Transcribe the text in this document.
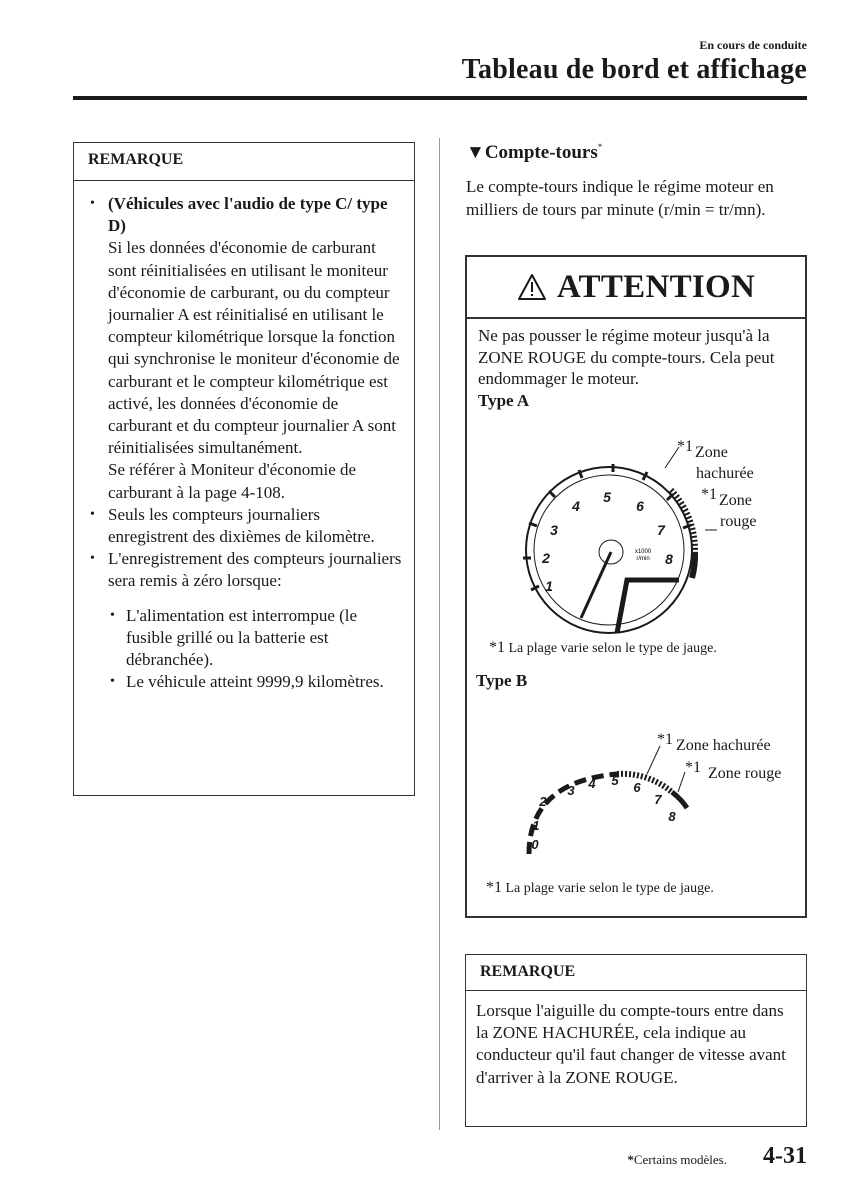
En cours de conduite
Tableau de bord et affichage
REMARQUE
• (Véhicules avec l'audio de type C/ type D)
Si les données d'économie de carburant sont réinitialisées en utilisant le moniteur d'économie de carburant, ou du compteur journalier A est réinitialisé en utilisant le compteur kilométrique lorsque la fonction qui synchronise le moniteur d'économie de carburant et le compteur kilométrique est activé, les données d'économie de carburant et du compteur journalier A sont réinitialisées simultanément.
Se référer à Moniteur d'économie de carburant à la page 4-108.
• Seuls les compteurs journaliers enregistrent des dixièmes de kilomètre.
• L'enregistrement des compteurs journaliers sera remis à zéro lorsque:
• L'alimentation est interrompue (le fusible grillé ou la batterie est débranchée).
• Le véhicule atteint 9999,9 kilomètres.
▼Compte-tours*
Le compte-tours indique le régime moteur en milliers de tours par minute (r/min = tr/mn).
ATTENTION
Ne pas pousser le régime moteur jusqu'à la ZONE ROUGE du compte-tours. Cela peut endommager le moteur.
Type A
1
2
3
4
5
6
7
8
x1000
r/min
*1 Zone
hachurée
*1 Zone
rouge
*1 La plage varie selon le type de jauge.
Type B
0
1
2
3 4 5 6
7
8
*1 Zone hachurée
*1 Zone rouge
*1 La plage varie selon le type de jauge.
REMARQUE
Lorsque l'aiguille du compte-tours entre dans la ZONE HACHURÉE, cela indique au conducteur qu'il faut changer de vitesse avant d'arriver à la ZONE ROUGE.
*Certains modèles. 4-31
